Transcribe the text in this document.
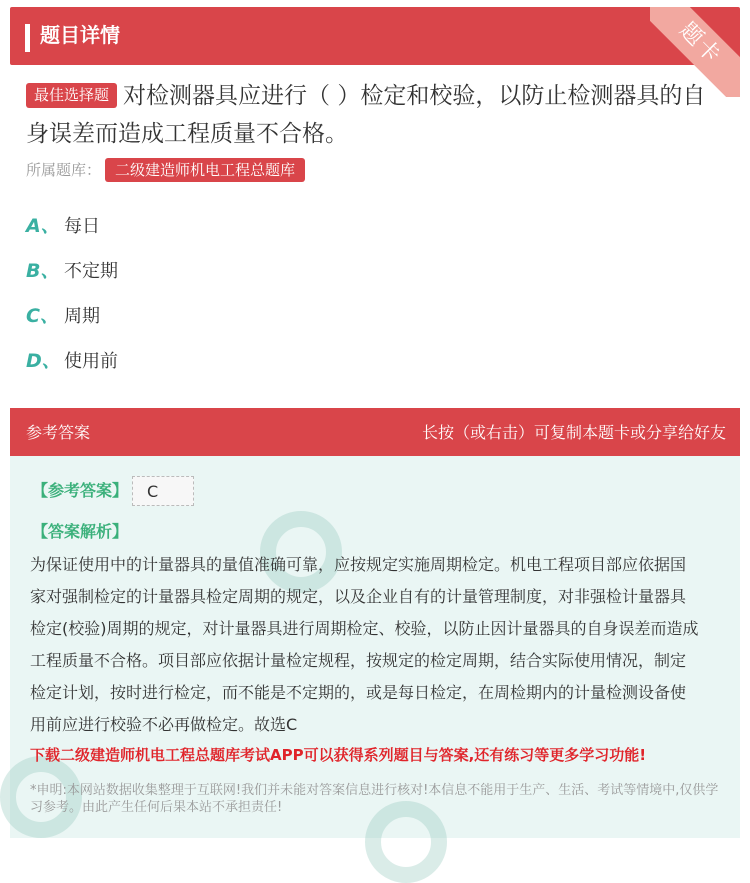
题目详情	题卡
最佳选择题 对检测器具应进行（ ）检定和校验，以防止检测器具的自身误差而造成工程质量不合格。
所属题库： 二级建造师机电工程总题库
A、 每日
B、 不定期
C、 周期
D、 使用前
参考答案	长按（或右击）可复制本题卡或分享给好友
【参考答案】	C
【答案解析】
为保证使用中的计量器具的量值准确可靠，应按规定实施周期检定。机电工程项目部应依据国家对强制检定的计量器具检定周期的规定，以及企业自有的计量管理制度，对非强检计量器具检定(校验)周期的规定，对计量器具进行周期检定、校验，以防止因计量器具的自身误差而造成工程质量不合格。项目部应依据计量检定规程，按规定的检定周期，结合实际使用情况，制定检定计划，按时进行检定，而不能是不定期的，或是每日检定，在周检期内的计量检测设备使用前应进行校验不必再做检定。故选C
下载二级建造师机电工程总题库考试APP可以获得系列题目与答案,还有练习等更多学习功能!
*申明:本网站数据收集整理于互联网!我们并未能对答案信息进行核对!本信息不能用于生产、生活、考试等情境中,仅供学习参考。由此产生任何后果本站不承担责任!
